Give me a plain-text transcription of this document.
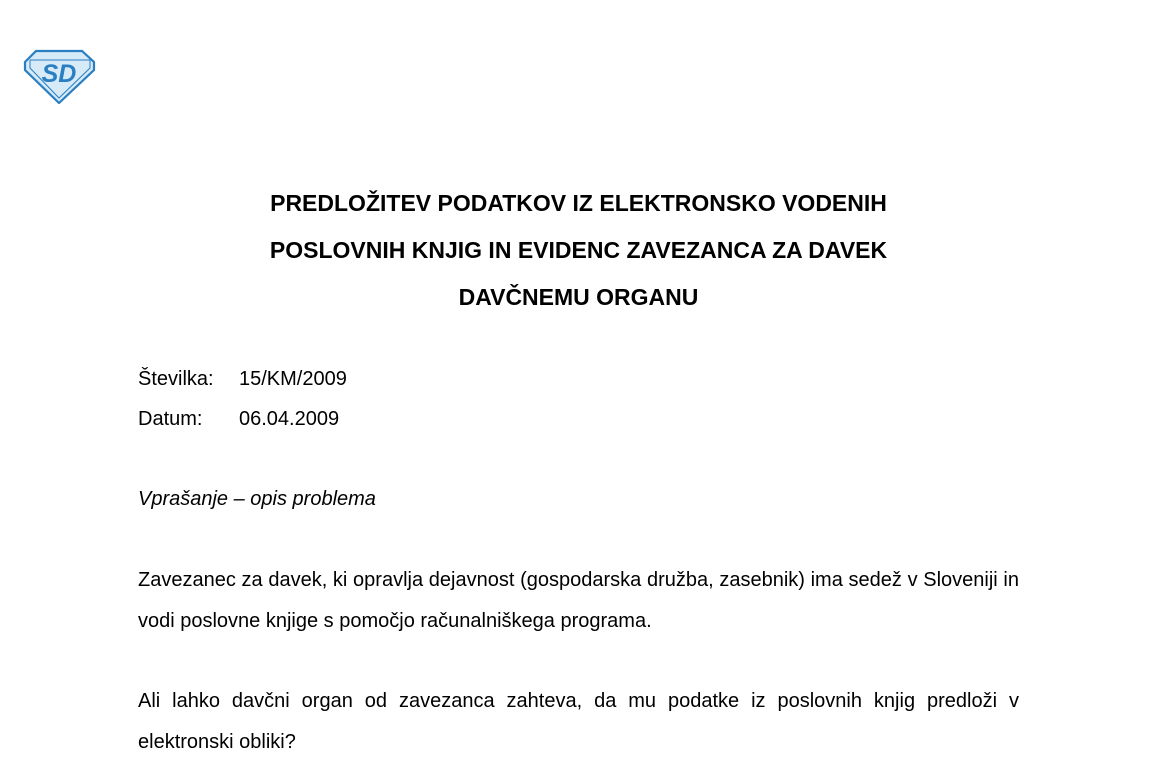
SD
PREDLOŽITEV PODATKOV IZ ELEKTRONSKO VODENIH
POSLOVNIH KNJIG IN EVIDENC ZAVEZANCA ZA DAVEK
DAVČNEMU ORGANU
Številka: 15/KM/2009
Datum: 06.04.2009
Vprašanje – opis problema
Zavezanec za davek, ki opravlja dejavnost (gospodarska družba, zasebnik) ima sedež v Sloveniji in vodi poslovne knjige s pomočjo računalniškega programa.
Ali lahko davčni organ od zavezanca zahteva, da mu podatke iz poslovnih knjig predloži v elektronski obliki?
